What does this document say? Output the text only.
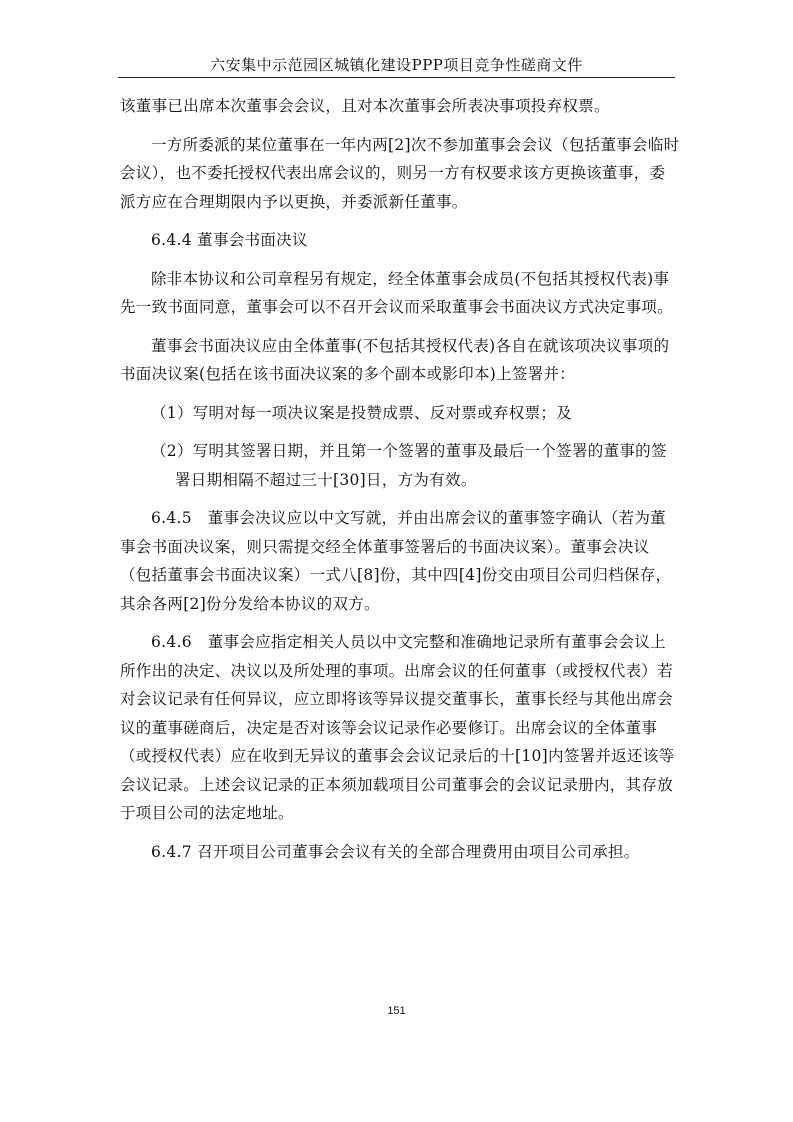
六安集中示范园区城镇化建设PPP项目竞争性磋商文件

该董事已出席本次董事会会议，且对本次董事会所表决事项投弃权票。

一方所委派的某位董事在一年内两[2]次不参加董事会会议（包括董事会临时会议），也不委托授权代表出席会议的，则另一方有权要求该方更换该董事，委派方应在合理期限内予以更换，并委派新任董事。

6.4.4 董事会书面决议

除非本协议和公司章程另有规定，经全体董事会成员(不包括其授权代表)事先一致书面同意，董事会可以不召开会议而采取董事会书面决议方式决定事项。

董事会书面决议应由全体董事(不包括其授权代表)各自在就该项决议事项的书面决议案(包括在该书面决议案的多个副本或影印本)上签署并：

（1）写明对每一项决议案是投赞成票、反对票或弃权票；及

（2）写明其签署日期，并且第一个签署的董事及最后一个签署的董事的签

署日期相隔不超过三十[30]日，方为有效。

6.4.5　董事会决议应以中文写就，并由出席会议的董事签字确认（若为董事会书面决议案，则只需提交经全体董事签署后的书面决议案）。董事会决议（包括董事会书面决议案）一式八[8]份，其中四[4]份交由项目公司归档保存，其余各两[2]份分发给本协议的双方。

6.4.6　董事会应指定相关人员以中文完整和准确地记录所有董事会会议上所作出的决定、决议以及所处理的事项。出席会议的任何董事（或授权代表）若对会议记录有任何异议，应立即将该等异议提交董事长，董事长经与其他出席会议的董事磋商后，决定是否对该等会议记录作必要修订。出席会议的全体董事（或授权代表）应在收到无异议的董事会会议记录后的十[10]内签署并返还该等会议记录。上述会议记录的正本须加载项目公司董事会的会议记录册内，其存放于项目公司的法定地址。

6.4.7 召开项目公司董事会会议有关的全部合理费用由项目公司承担。

151
